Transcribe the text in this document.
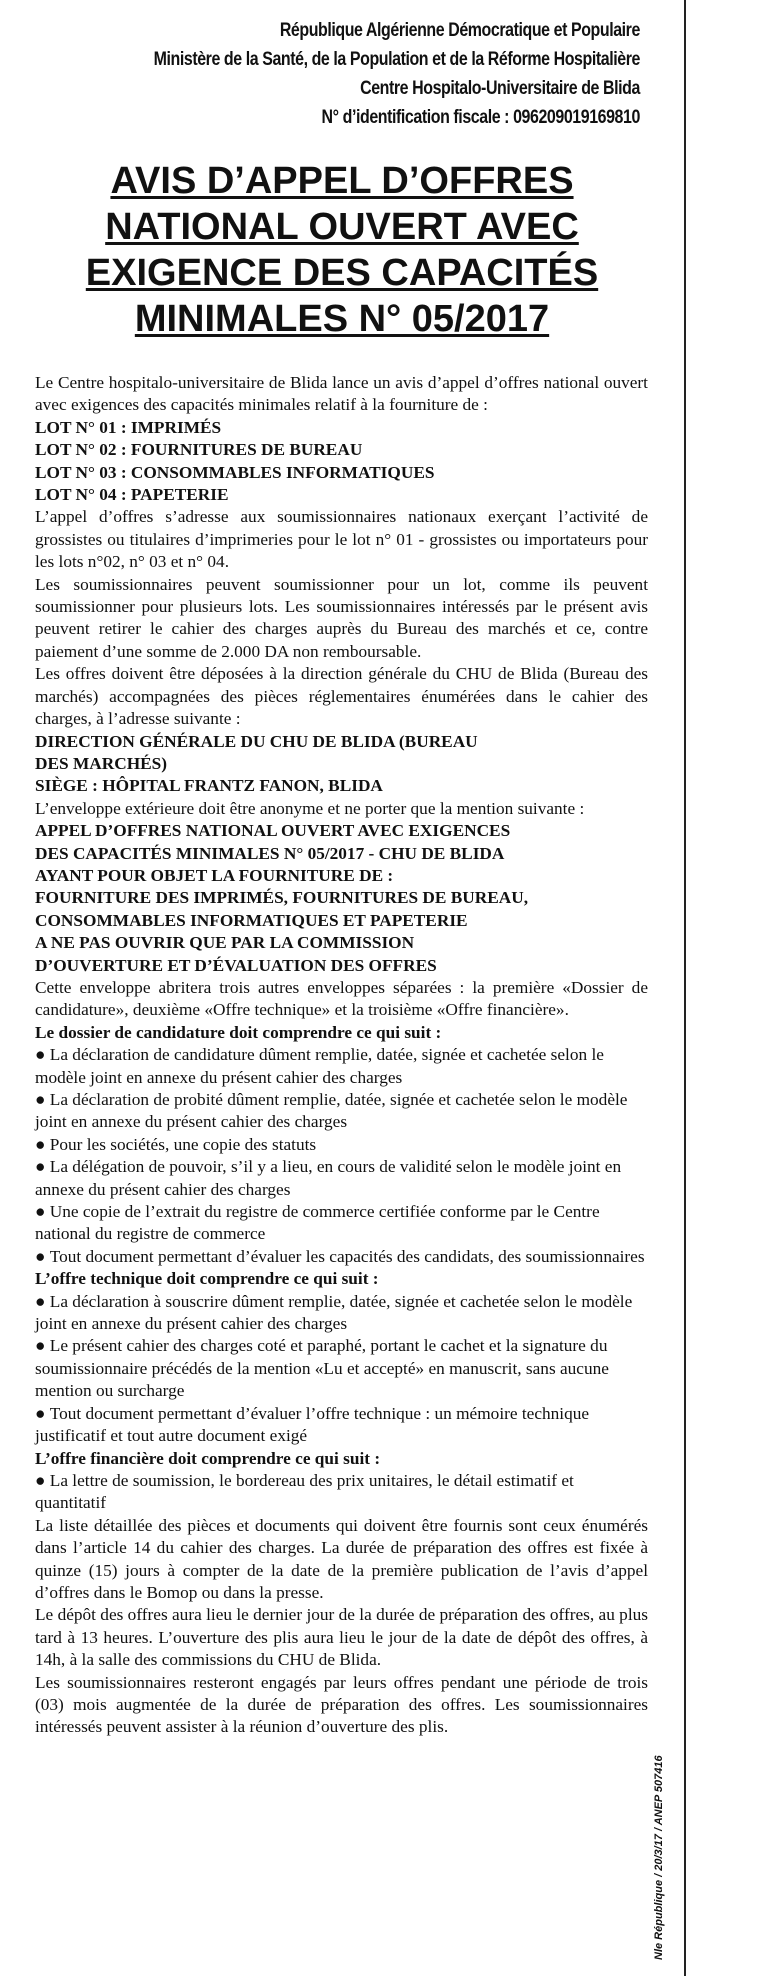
République Algérienne Démocratique et Populaire
Ministère de la Santé, de la Population et de la Réforme Hospitalière
Centre Hospitalo-Universitaire de Blida
N° d’identification fiscale : 096209019169810
AVIS D’APPEL D’OFFRES
NATIONAL OUVERT AVEC
EXIGENCE DES CAPACITÉS
MINIMALES N° 05/2017

Le Centre hospitalo-universitaire de Blida lance un avis d’appel d’offres national ouvert avec exigences des capacités minimales relatif à la fourniture de :

LOT N° 01 : IMPRIMÉS

LOT N° 02 : FOURNITURES DE BUREAU

LOT N° 03 : CONSOMMABLES INFORMATIQUES

LOT N° 04 : PAPETERIE

L’appel d’offres s’adresse aux soumissionnaires nationaux exerçant l’activité de grossistes ou titulaires d’imprimeries pour le lot n° 01 - grossistes ou importateurs pour les lots n°02, n° 03 et n° 04.

Les soumissionnaires peuvent soumissionner pour un lot, comme ils peuvent soumissionner pour plusieurs lots. Les soumissionnaires intéressés par le présent avis peuvent retirer le cahier des charges auprès du Bureau des marchés et ce, contre paiement d’une somme de 2.000 DA non remboursable.

Les offres doivent être déposées à la direction générale du CHU de Blida (Bureau des marchés) accompagnées des pièces réglementaires énumérées dans le cahier des charges, à l’adresse suivante :

DIRECTION GÉNÉRALE DU CHU DE BLIDA (BUREAU

DES MARCHÉS)

SIÈGE : HÔPITAL FRANTZ FANON, BLIDA

L’enveloppe extérieure doit être anonyme et ne porter que la mention suivante :

APPEL D’OFFRES NATIONAL OUVERT AVEC EXIGENCES

DES CAPACITÉS MINIMALES N° 05/2017 - CHU DE BLIDA

AYANT POUR OBJET LA FOURNITURE DE :

FOURNITURE DES IMPRIMÉS, FOURNITURES DE BUREAU,

CONSOMMABLES INFORMATIQUES ET PAPETERIE

A NE PAS OUVRIR QUE PAR LA COMMISSION

D’OUVERTURE ET D’ÉVALUATION DES OFFRES

Cette enveloppe abritera trois autres enveloppes séparées : la première «Dossier de candidature», deuxième «Offre technique» et la troisième «Offre financière».

Le dossier de candidature doit comprendre ce qui suit :

● La déclaration de candidature dûment remplie, datée, signée et cachetée selon le modèle joint en annexe du présent cahier des charges

● La déclaration de probité dûment remplie, datée, signée et cachetée selon le modèle joint en annexe du présent cahier des charges

● Pour les sociétés, une copie des statuts

● La délégation de pouvoir, s’il y a lieu, en cours de validité selon le modèle joint en annexe du présent cahier des charges

● Une copie de l’extrait du registre de commerce certifiée conforme par le Centre national du registre de commerce

● Tout document permettant d’évaluer les capacités des candidats, des soumissionnaires

L’offre technique doit comprendre ce qui suit :

● La déclaration à souscrire dûment remplie, datée, signée et cachetée selon le modèle joint en annexe du présent cahier des charges

● Le présent cahier des charges coté et paraphé, portant le cachet et la signature du soumissionnaire précédés de la mention «Lu et accepté» en manuscrit, sans aucune mention ou surcharge

● Tout document permettant d’évaluer l’offre technique : un mémoire technique justificatif et tout autre document exigé

L’offre financière doit comprendre ce qui suit :

● La lettre de soumission, le bordereau des prix unitaires, le détail estimatif et quantitatif

La liste détaillée des pièces et documents qui doivent être fournis sont ceux énumérés dans l’article 14 du cahier des charges. La durée de préparation des offres est fixée à quinze (15) jours à compter de la date de la première publication de l’avis d’appel d’offres dans le Bomop ou dans la presse.

Le dépôt des offres aura lieu le dernier jour de la durée de préparation des offres, au plus tard à 13 heures. L’ouverture des plis aura lieu le jour de la date de dépôt des offres, à 14h, à la salle des commissions du CHU de Blida.

Les soumissionnaires resteront engagés par leurs offres pendant une période de trois (03) mois augmentée de la durée de préparation des offres. Les soumissionnaires intéressés peuvent assister à la réunion d’ouverture des plis.

Nle République / 20/3/17 / ANEP 507416
